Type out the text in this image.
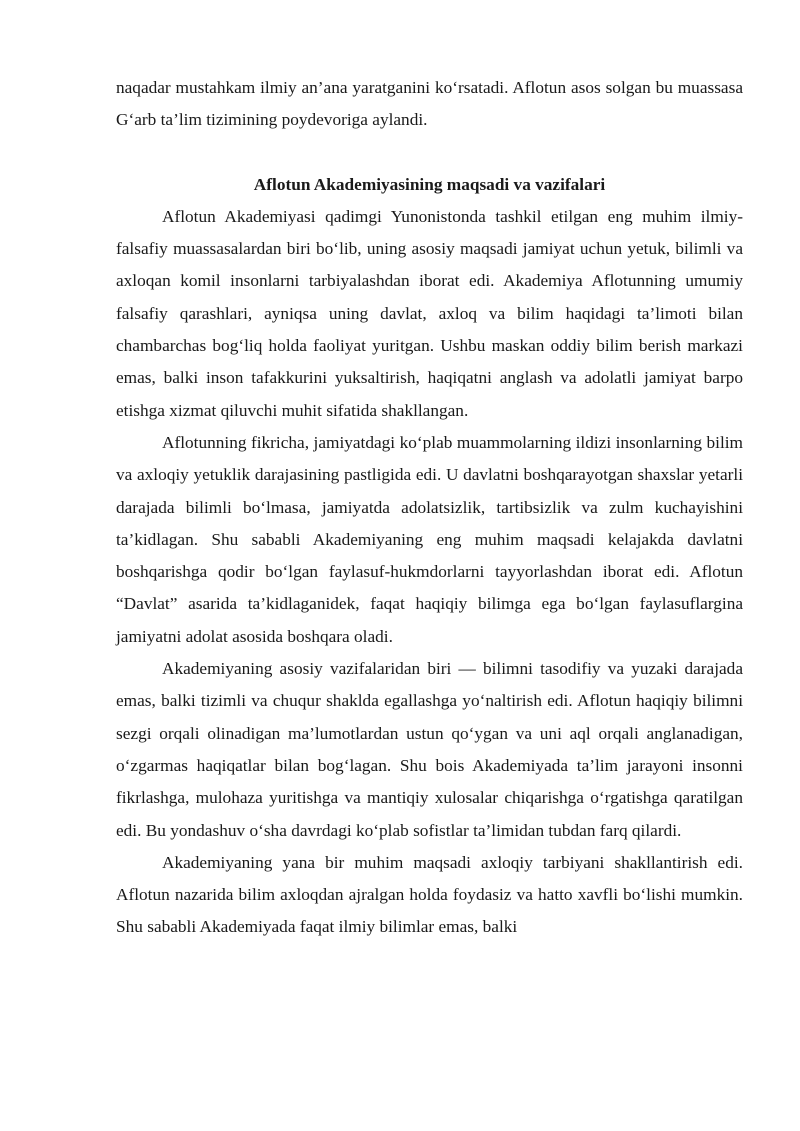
naqadar mustahkam ilmiy an’ana yaratganini ko‘rsatadi. Aflotun asos solgan bu muassasa G‘arb ta’lim tizimining poydevoriga aylandi.

Aflotun Akademiyasining maqsadi va vazifalari

Aflotun Akademiyasi qadimgi Yunonistonda tashkil etilgan eng muhim ilmiy-falsafiy muassasalardan biri bo‘lib, uning asosiy maqsadi jamiyat uchun yetuk, bilimli va axloqan komil insonlarni tarbiyalashdan iborat edi. Akademiya Aflotunning umumiy falsafiy qarashlari, ayniqsa uning davlat, axloq va bilim haqidagi ta’limoti bilan chambarchas bog‘liq holda faoliyat yuritgan. Ushbu maskan oddiy bilim berish markazi emas, balki inson tafakkurini yuksaltirish, haqiqatni anglash va adolatli jamiyat barpo etishga xizmat qiluvchi muhit sifatida shakllangan.

Aflotunning fikricha, jamiyatdagi ko‘plab muammolarning ildizi insonlarning bilim va axloqiy yetuklik darajasining pastligida edi. U davlatni boshqarayotgan shaxslar yetarli darajada bilimli bo‘lmasa, jamiyatda adolatsizlik, tartibsizlik va zulm kuchayishini ta’kidlagan. Shu sababli Akademiyaning eng muhim maqsadi kelajakda davlatni boshqarishga qodir bo‘lgan faylasuf-hukmdorlarni tayyorlashdan iborat edi. Aflotun “Davlat” asarida ta’kidlaganidek, faqat haqiqiy bilimga ega bo‘lgan faylasuflargina jamiyatni adolat asosida boshqara oladi.

Akademiyaning asosiy vazifalaridan biri — bilimni tasodifiy va yuzaki darajada emas, balki tizimli va chuqur shaklda egallashga yo‘naltirish edi. Aflotun haqiqiy bilimni sezgi orqali olinadigan ma’lumotlardan ustun qo‘ygan va uni aql orqali anglanadigan, o‘zgarmas haqiqatlar bilan bog‘lagan. Shu bois Akademiyada ta’lim jarayoni insonni fikrlashga, mulohaza yuritishga va mantiqiy xulosalar chiqarishga o‘rgatishga qaratilgan edi. Bu yondashuv o‘sha davrdagi ko‘plab sofistlar ta’limidan tubdan farq qilardi.

Akademiyaning yana bir muhim maqsadi axloqiy tarbiyani shakllantirish edi. Aflotun nazarida bilim axloqdan ajralgan holda foydasiz va hatto xavfli bo‘lishi mumkin. Shu sababli Akademiyada faqat ilmiy bilimlar emas, balki
